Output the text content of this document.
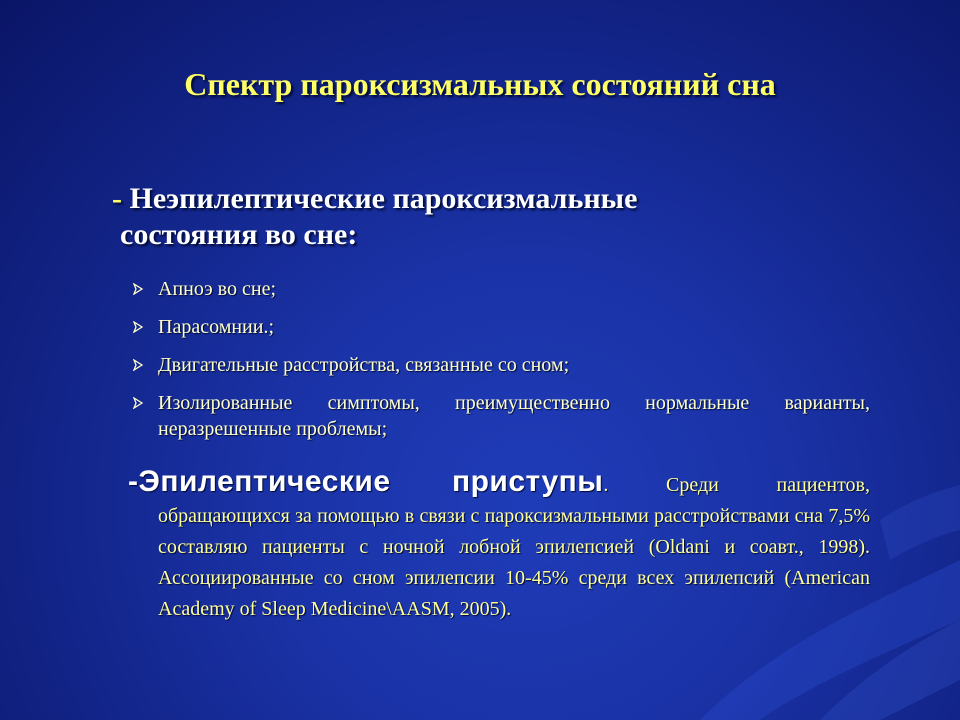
Спектр пароксизмальных состояний сна
- Неэпилептические пароксизмальные
состояния во сне:
Апноэ во сне;
Парасомнии.;
Двигательные расстройства, связанные со сном;
Изолированные симптомы, преимущественно нормальные варианты, неразрешенные проблемы;
-Эпилептические приступы.	Среди пациентов,
обращающихся за помощью в связи с пароксизмальными расстройствами сна 7,5% составляю пациенты с ночной лобной эпилепсией (Oldani и соавт., 1998). Ассоциированные со сном эпилепсии 10-45% среди всех эпилепсий (American Academy of Sleep Medicine\AASM, 2005).
